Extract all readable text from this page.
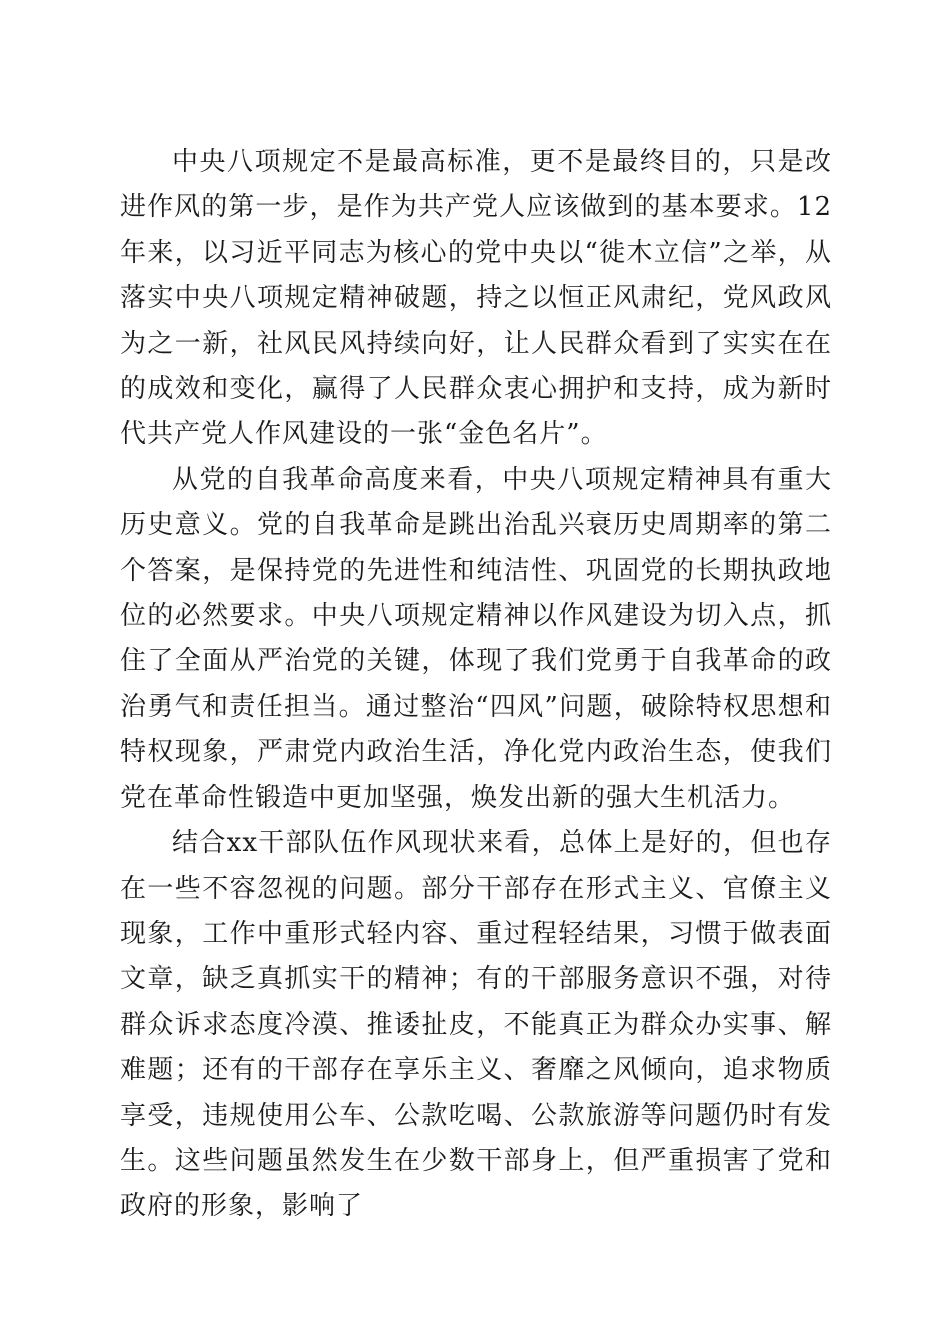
中央八项规定不是最高标准，更不是最终目的，只是改进作风的第一步，是作为共产党人应该做到的基本要求。12年来，以习近平同志为核心的党中央以“徙木立信”之举，从落实中央八项规定精神破题，持之以恒正风肃纪，党风政风为之一新，社风民风持续向好，让人民群众看到了实实在在的成效和变化，赢得了人民群众衷心拥护和支持，成为新时代共产党人作风建设的一张“金色名片”。

从党的自我革命高度来看，中央八项规定精神具有重大历史意义。党的自我革命是跳出治乱兴衰历史周期率的第二个答案，是保持党的先进性和纯洁性、巩固党的长期执政地位的必然要求。中央八项规定精神以作风建设为切入点，抓住了全面从严治党的关键，体现了我们党勇于自我革命的政治勇气和责任担当。通过整治“四风”问题，破除特权思想和特权现象，严肃党内政治生活，净化党内政治生态，使我们党在革命性锻造中更加坚强，焕发出新的强大生机活力。

结合xx干部队伍作风现状来看，总体上是好的，但也存在一些不容忽视的问题。部分干部存在形式主义、官僚主义现象，工作中重形式轻内容、重过程轻结果，习惯于做表面文章，缺乏真抓实干的精神；有的干部服务意识不强，对待群众诉求态度冷漠、推诿扯皮，不能真正为群众办实事、解难题；还有的干部存在享乐主义、奢靡之风倾向，追求物质享受，违规使用公车、公款吃喝、公款旅游等问题仍时有发生。这些问题虽然发生在少数干部身上，但严重损害了党和政府的形象，影响了
